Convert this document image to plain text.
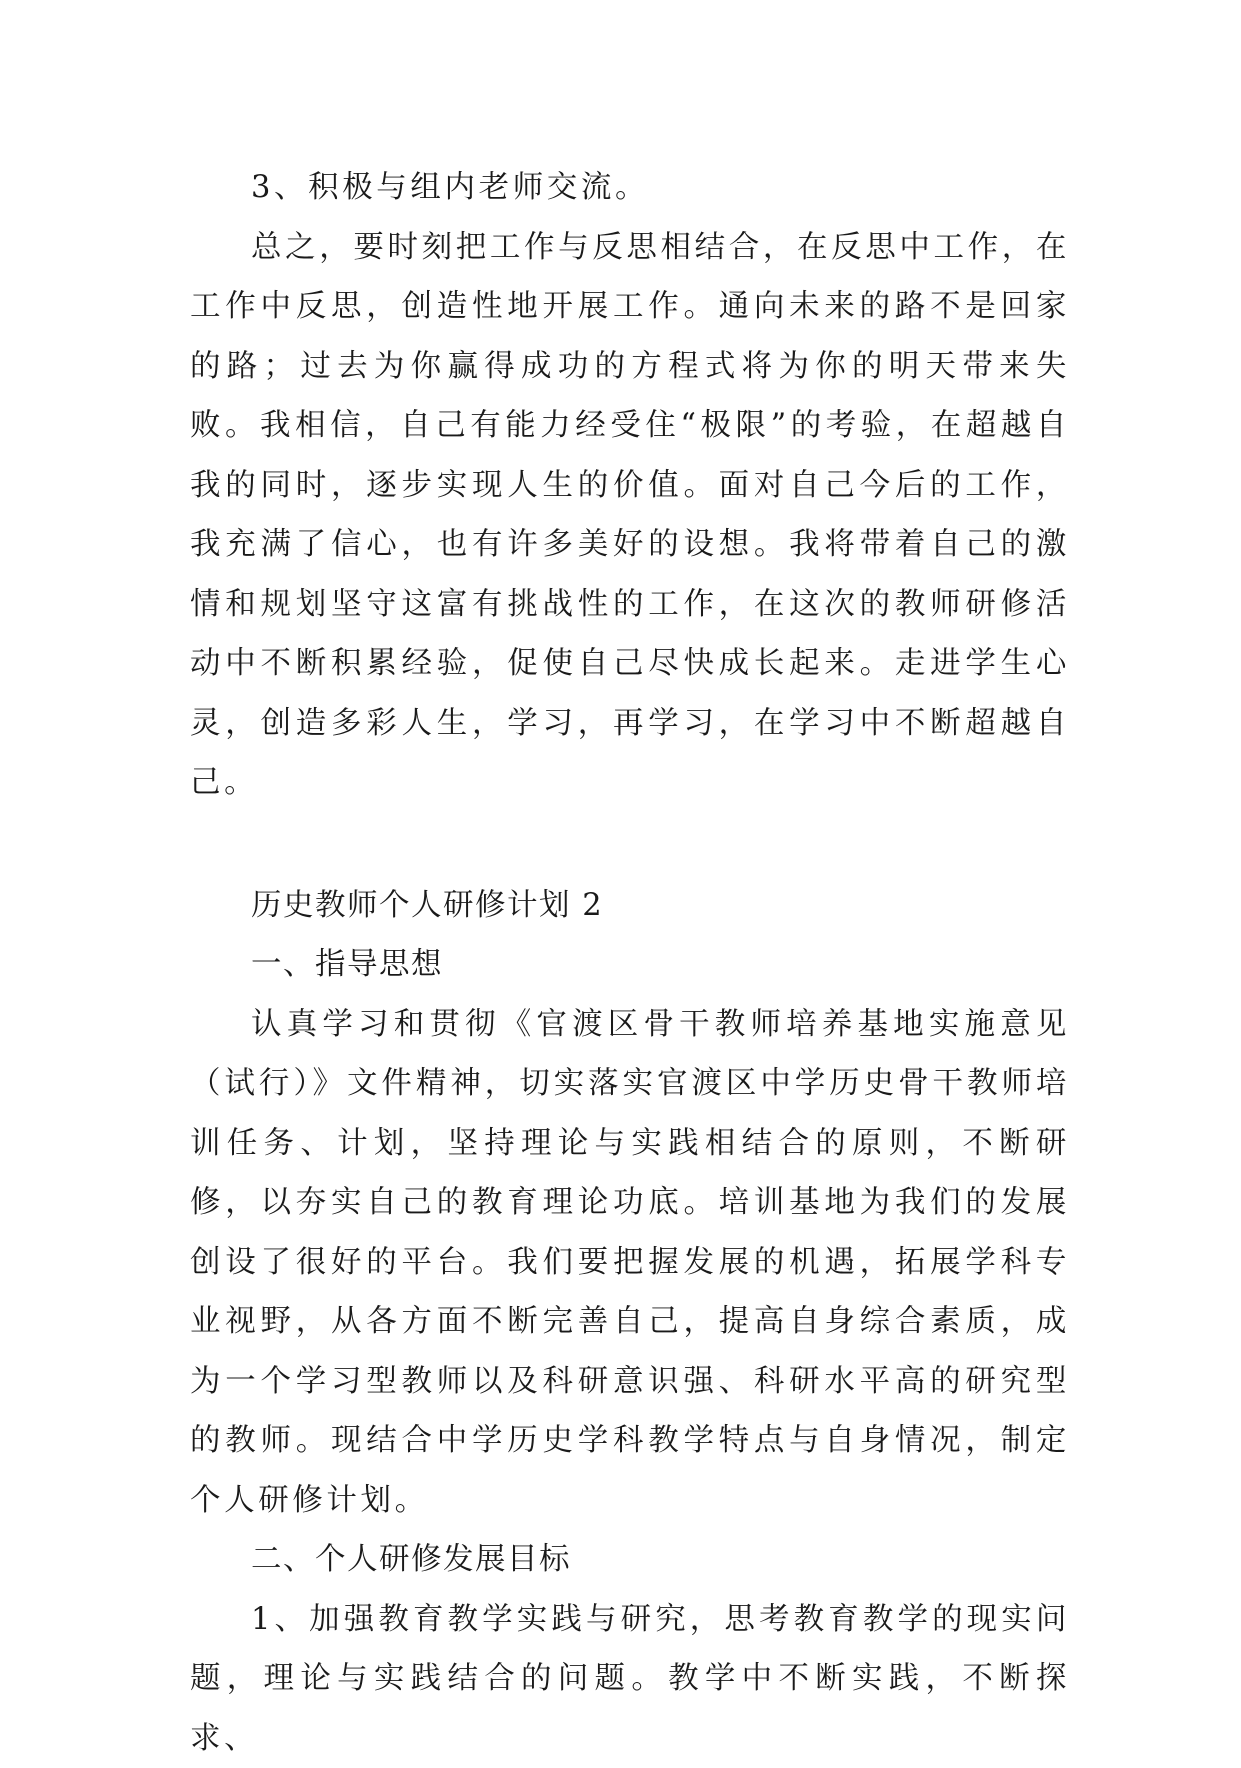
3、积极与组内老师交流。

总之，要时刻把工作与反思相结合，在反思中工作，在工作中反思，创造性地开展工作。通向未来的路不是回家的路；过去为你赢得成功的方程式将为你的明天带来失败。我相信，自己有能力经受住“极限”的考验，在超越自我的同时，逐步实现人生的价值。面对自己今后的工作，我充满了信心，也有许多美好的设想。我将带着自己的激情和规划坚守这富有挑战性的工作，在这次的教师研修活动中不断积累经验，促使自己尽快成长起来。走进学生心灵，创造多彩人生，学习，再学习，在学习中不断超越自己。

历史教师个人研修计划 2

一、指导思想

认真学习和贯彻《官渡区骨干教师培养基地实施意见（试行）》文件精神，切实落实官渡区中学历史骨干教师培训任务、计划，坚持理论与实践相结合的原则，不断研修，以夯实自己的教育理论功底。培训基地为我们的发展创设了很好的平台。我们要把握发展的机遇，拓展学科专业视野，从各方面不断完善自己，提高自身综合素质，成为一个学习型教师以及科研意识强、科研水平高的研究型的教师。现结合中学历史学科教学特点与自身情况，制定个人研修计划。

二、个人研修发展目标

1、加强教育教学实践与研究，思考教育教学的现实问题，理论与实践结合的问题。教学中不断实践，不断探求、
